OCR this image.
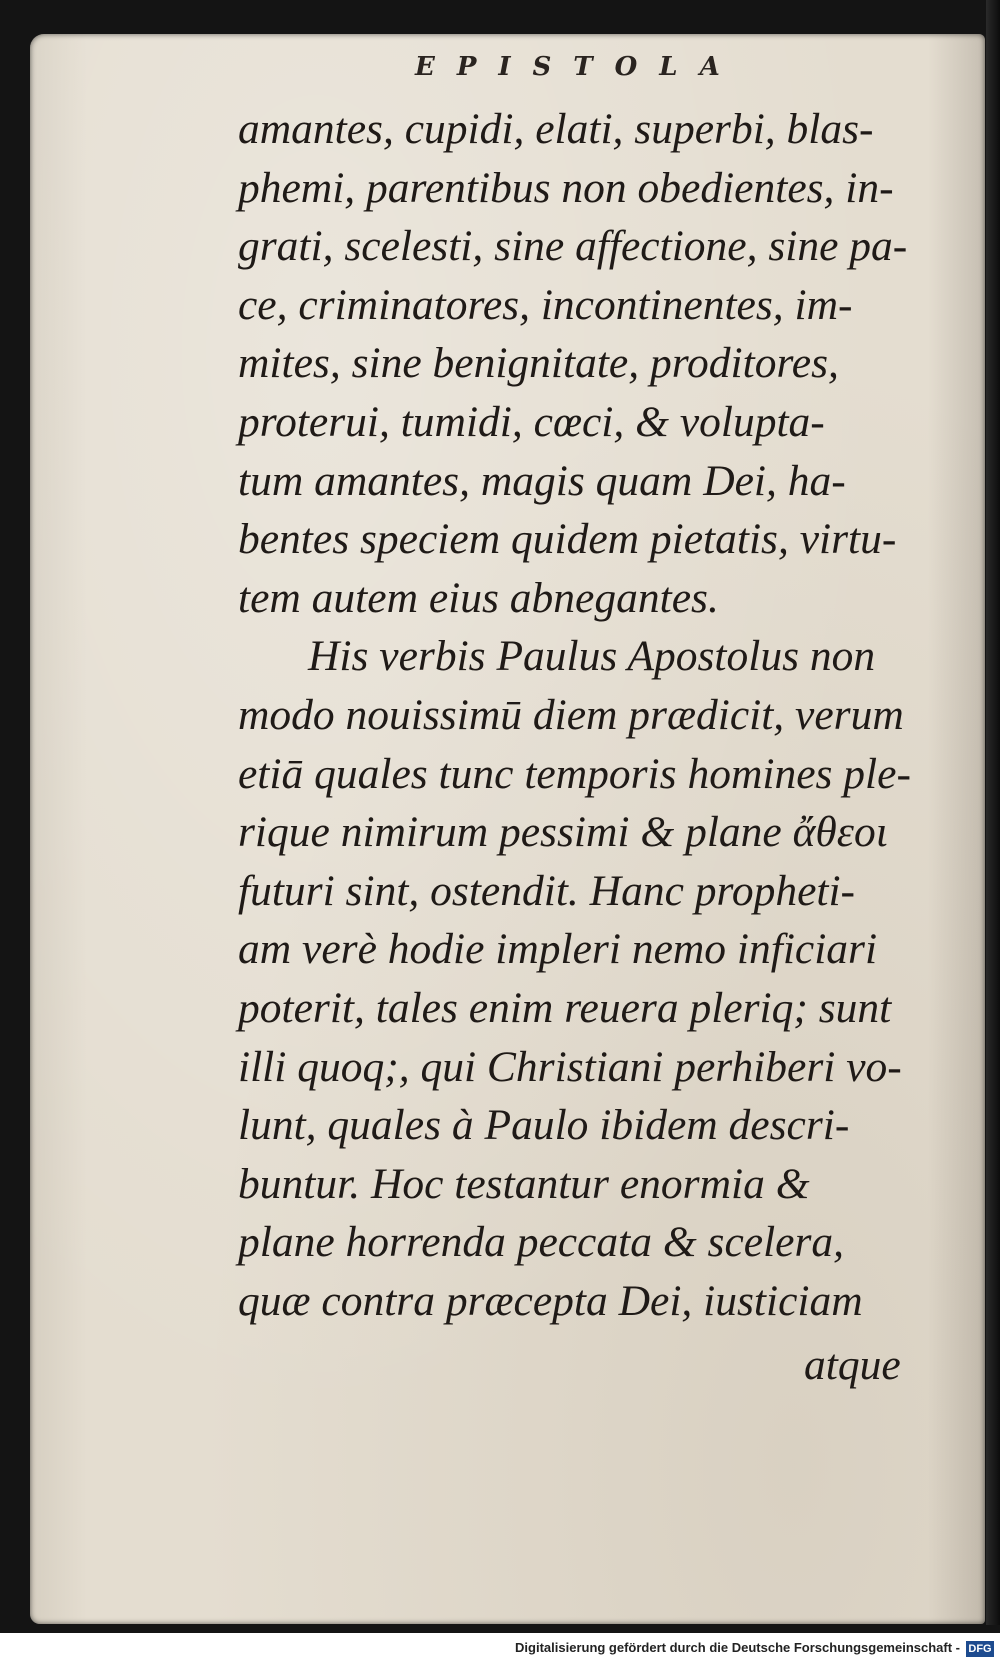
EPISTOLA
amantes, cupidi, elati, superbi, blas-
phemi, parentibus non obedientes, in-
grati, scelesti, sine affectione, sine pa-
ce, criminatores, incontinentes, im-
mites, sine benignitate, proditores,
proterui, tumidi, cœci, & volupta-
tum amantes, magis quam Dei, ha-
bentes speciem quidem pietatis, virtu-
tem autem eius abnegantes.
His verbis Paulus Apostolus non
modo nouissimū diem prædicit, verum
etiā quales tunc temporis homines ple-
rique nimirum pessimi & plane ἄθεοι
futuri sint, ostendit. Hanc propheti-
am verè hodie impleri nemo inficiari
poterit, tales enim reuera pleriq; sunt
illi quoq;, qui Christiani perhiberi vo-
lunt, quales à Paulo ibidem descri-
buntur. Hoc testantur enormia &
plane horrenda peccata & scelera,
quæ contra præcepta Dei, iusticiam
atque
Digitalisierung gefördert durch die Deutsche Forschungsgemeinschaft - DFG
